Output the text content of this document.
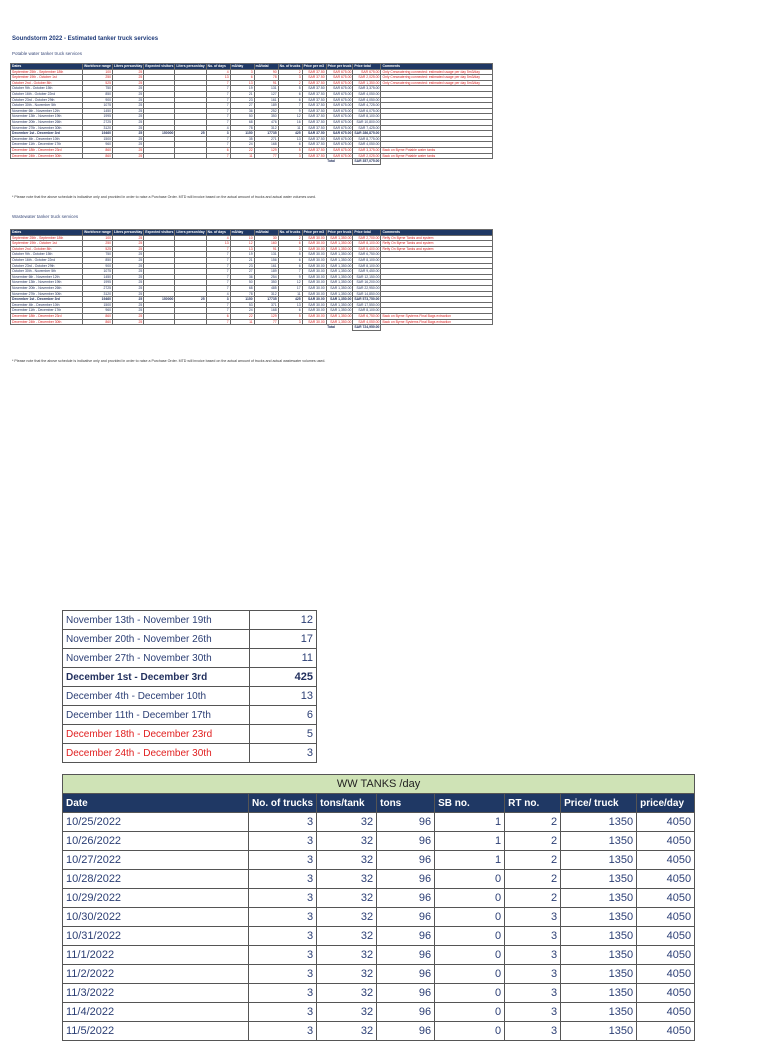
Soundstorm 2022 - Estimated tanker truck services
Potable water tanker truck services
Dates	Workforce range	Liters person/day	Expected visitors	Liters person/day	No. of days	m3/day	m3/total	No. of trucks	Price per m3	Price per truck	Price total	Comments
September 25th - September 18th	100	25			4	3	90	2	SAR 37.50	SAR 675.00	SAR 675.00	Only Crewcatering connected: estimated usage per day 5m3/day
September 19th - October 1st	250	25			13	6	78	3	SAR 37.50	SAR 675.00	SAR 2,025.00	Only Crewcatering connected: estimated usage per day 5m3/day
October 2nd - October 8th	525	25			7	13	91	2	SAR 37.50	SAR 675.00	SAR 1,350.00	Only Crewcatering connected: estimated usage per day 5m3/day
October 9th - October 15th	750	25			7	19	131	5	SAR 37.50	SAR 675.00	SAR 3,375.00	
October 16th - October 22nd	850	25			7	21	127	6	SAR 37.50	SAR 675.00	SAR 4,050.00	
October 23rd - October 29th	900	25			7	23	161	6	SAR 37.50	SAR 675.00	SAR 4,050.00	
October 30th - November 5th	1075	25			7	27	189	7	SAR 37.50	SAR 675.00	SAR 4,725.00	
November 6th - November 12th	1450	25			7	36	252	9	SAR 37.50	SAR 675.00	SAR 6,075.00	
November 13th - November 19th	1995	25			7	50	350	12	SAR 37.50	SAR 675.00	SAR 8,100.00	
November 20th - November 26th	2725	25			7	68	476	16	SAR 37.50	SAR 675.00	SAR 10,800.00	
November 27th - November 30th	3120	25			4	78	312	11	SAR 37.50	SAR 675.00	SAR 7,425.00	
December 1st - December 3rd	19460	25	150000	25	3	1150	17735	425	SAR 37.50	SAR 675.00	SAR 286,875.00	
December 4th - December 10th	1500	25			7	35	271	13	SAR 37.50	SAR 675.00	SAR 8,775.00	
December 11th - December 17th	960	25			7	24	168	6	SAR 37.50	SAR 675.00	SAR 4,050.00	
December 18th - December 23rd	860	25			6	22	129	5	SAR 37.50	SAR 675.00	SAR 3,375.00	Back on Byrne Potable water tanks
December 24th - December 30th	860	25			7	11	77	3	SAR 37.50	SAR 675.00	SAR 2,025.00	Back on Byrne Potable water tanks
										Total	SAR 357,075.00	
* Please note that the above schedule is indicative only and provided in order to raise a Purchase Order. MTD will invoice based on the actual amount of trucks and actual water volumes used.
Wastewater tanker truck services
Dates	Workforce range	Liters person/day	Expected visitors	Liters person/day	No. of days	m3/day	m3/total	No. of trucks	Price per m3	Price per truck	Price total	Comments
September 25th - September 18th	100	25			4	10	30	2	SAR 30.00	SAR 1,350.00	SAR 2,700.00	Refly On Byrne Tanks and system
September 19th - October 1st	250	25			13	12	160	6	SAR 30.00	SAR 1,350.00	SAR 8,100.00	Refly On Byrne Tanks and system
October 2nd - October 8th	525	25			7	13	91	3	SAR 30.00	SAR 1,350.00	SAR 5,400.00	Refly On Byrne Tanks and system
October 9th - October 15th	750	25			7	19	131	5	SAR 30.00	SAR 1,350.00	SAR 6,750.00	
October 16th - October 22nd	850	25			7	21	156	6	SAR 30.00	SAR 1,350.00	SAR 8,100.00	
October 23rd - October 29th	900	25			7	23	161	6	SAR 30.00	SAR 1,350.00	SAR 8,100.00	
October 30th - November 5th	1075	25			7	27	189	7	SAR 30.00	SAR 1,350.00	SAR 9,450.00	
November 6th - November 12th	1450	25			7	36	254	9	SAR 30.00	SAR 1,350.00	SAR 12,150.00	
November 13th - November 19th	1995	25			7	50	350	12	SAR 30.00	SAR 1,350.00	SAR 16,200.00	
November 20th - November 26th	2725	25			7	68	485	17	SAR 30.00	SAR 1,350.00	SAR 22,950.00	
November 27th - November 30th	3120	25			4	78	312	11	SAR 30.00	SAR 1,350.00	SAR 14,850.00	
December 1st - December 3rd	19460	25	150000	25	3	1150	17735	425	SAR 30.00	SAR 1,350.00	SAR 573,750.00	
December 4th - December 10th	1500	25			7	53	371	13	SAR 30.00	SAR 1,350.00	SAR 17,550.00	
December 11th - December 17th	960	25			7	24	168	6	SAR 30.00	SAR 1,350.00	SAR 8,100.00	
December 18th - December 23rd	860	25			6	22	129	5	SAR 30.00	SAR 1,350.00	SAR 6,750.00	Back on Byrne Systems Final Bags extraction
December 24th - December 30th	860	25			7	11	77	3	SAR 30.00	SAR 1,350.00	SAR 4,050.00	Back on Byrne Systems Final Bags extraction
										Total	SAR 724,950.00	
* Please note that the above schedule is indicative only and provided in order to raise a Purchase Order. MTD will invoice based on the actual amount of trucks and actual wastewater volumes used.
November 13th - November 19th	12
November 20th - November 26th	17
November 27th - November 30th	11
December 1st - December 3rd	425
December 4th - December 10th	13
December 11th - December 17th	6
December 18th - December 23rd	5
December 24th - December 30th	3
WW TANKS /day							
Date	No. of trucks	tons/tank	tons	SB no.	RT no.	Price/ truck	price/day
10/25/2022	3	32	96	1	2	1350	4050
10/26/2022	3	32	96	1	2	1350	4050
10/27/2022	3	32	96	1	2	1350	4050
10/28/2022	3	32	96	0	2	1350	4050
10/29/2022	3	32	96	0	2	1350	4050
10/30/2022	3	32	96	0	3	1350	4050
10/31/2022	3	32	96	0	3	1350	4050
11/1/2022	3	32	96	0	3	1350	4050
11/2/2022	3	32	96	0	3	1350	4050
11/3/2022	3	32	96	0	3	1350	4050
11/4/2022	3	32	96	0	3	1350	4050
11/5/2022	3	32	96	0	3	1350	4050
